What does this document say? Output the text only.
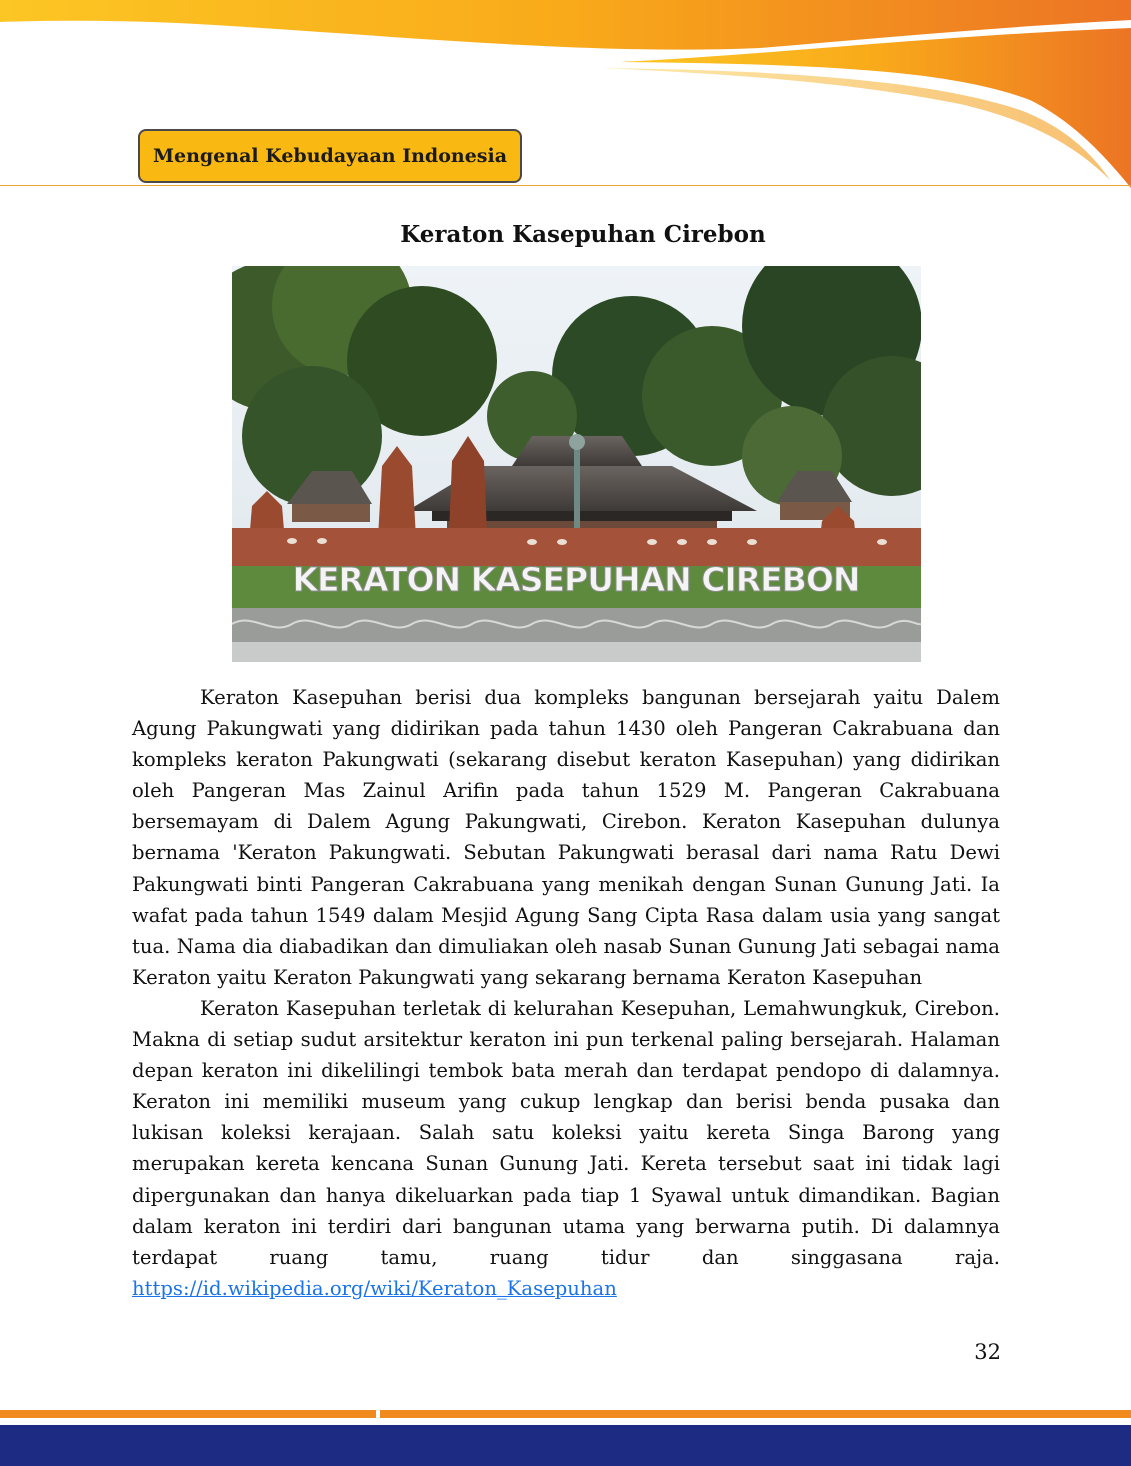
Mengenal Kebudayaan Indonesia
Keraton Kasepuhan Cirebon
KERATON KASEPUHAN CIREBON

Keraton Kasepuhan berisi dua kompleks bangunan bersejarah yaitu Dalem Agung Pakungwati yang didirikan pada tahun 1430 oleh Pangeran Cakrabuana dan kompleks keraton Pakungwati (sekarang disebut keraton Kasepuhan) yang didirikan oleh Pangeran Mas Zainul Arifin pada tahun 1529 M. Pangeran Cakrabuana bersemayam di Dalem Agung Pakungwati, Cirebon. Keraton Kasepuhan dulunya bernama 'Keraton Pakungwati. Sebutan Pakungwati berasal dari nama Ratu Dewi Pakungwati binti Pangeran Cakrabuana yang menikah dengan Sunan Gunung Jati. Ia wafat pada tahun 1549 dalam Mesjid Agung Sang Cipta Rasa dalam usia yang sangat tua. Nama dia diabadikan dan dimuliakan oleh nasab Sunan Gunung Jati sebagai nama Keraton yaitu Keraton Pakungwati yang sekarang bernama Keraton Kasepuhan

Keraton Kasepuhan terletak di kelurahan Kesepuhan, Lemahwungkuk, Cirebon. Makna di setiap sudut arsitektur keraton ini pun terkenal paling bersejarah. Halaman depan keraton ini dikelilingi tembok bata merah dan terdapat pendopo di dalamnya. Keraton ini memiliki museum yang cukup lengkap dan berisi benda pusaka dan lukisan koleksi kerajaan. Salah satu koleksi yaitu kereta Singa Barong yang merupakan kereta kencana Sunan Gunung Jati. Kereta tersebut saat ini tidak lagi dipergunakan dan hanya dikeluarkan pada tiap 1 Syawal untuk dimandikan. Bagian dalam keraton ini terdiri dari bangunan utama yang berwarna putih. Di dalamnya terdapat ruang tamu, ruang tidur dan singgasana raja. https://id.wikipedia.org/wiki/Keraton_Kasepuhan

32
